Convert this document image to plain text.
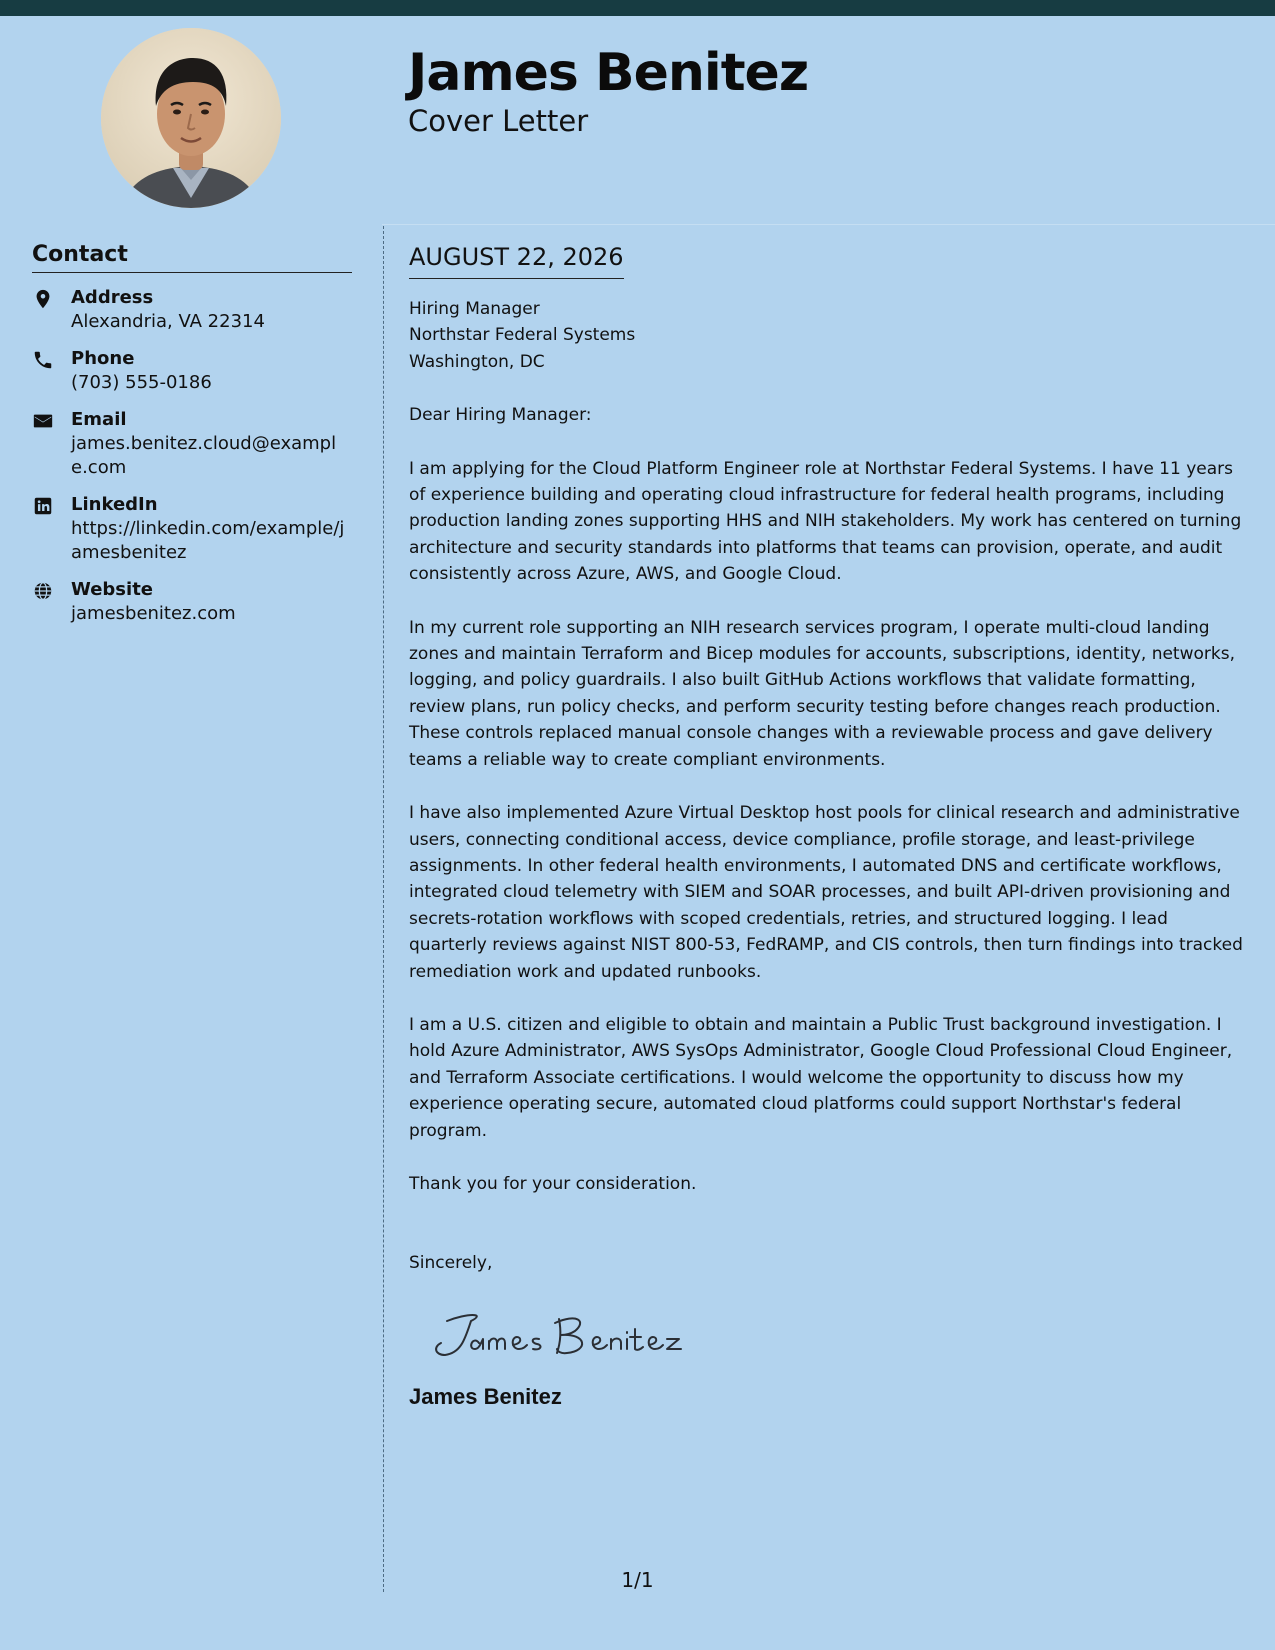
James Benitez
Cover Letter
Contact
Address
Alexandria, VA 22314
Phone
(703) 555-0186
Email
james.benitez.cloud@example.com
LinkedIn
https://linkedin.com/example/jamesbenitez
Website
jamesbenitez.com
AUGUST 22, 2026

Hiring Manager

Northstar Federal Systems

Washington, DC

Dear Hiring Manager:

I am applying for the Cloud Platform Engineer role at Northstar Federal Systems. I have 11 years of experience building and operating cloud infrastructure for federal health programs, including production landing zones supporting HHS and NIH stakeholders. My work has centered on turning architecture and security standards into platforms that teams can provision, operate, and audit consistently across Azure, AWS, and Google Cloud.

In my current role supporting an NIH research services program, I operate multi-cloud landing zones and maintain Terraform and Bicep modules for accounts, subscriptions, identity, networks, logging, and policy guardrails. I also built GitHub Actions workflows that validate formatting, review plans, run policy checks, and perform security testing before changes reach production. These controls replaced manual console changes with a reviewable process and gave delivery teams a reliable way to create compliant environments.

I have also implemented Azure Virtual Desktop host pools for clinical research and administrative users, connecting conditional access, device compliance, profile storage, and least-privilege assignments. In other federal health environments, I automated DNS and certificate workflows, integrated cloud telemetry with SIEM and SOAR processes, and built API-driven provisioning and secrets-rotation workflows with scoped credentials, retries, and structured logging. I lead quarterly reviews against NIST 800-53, FedRAMP, and CIS controls, then turn findings into tracked remediation work and updated runbooks.

I am a U.S. citizen and eligible to obtain and maintain a Public Trust background investigation. I hold Azure Administrator, AWS SysOps Administrator, Google Cloud Professional Cloud Engineer, and Terraform Associate certifications. I would welcome the opportunity to discuss how my experience operating secure, automated cloud platforms could support Northstar's federal program.

Thank you for your consideration.

Sincerely,

James Benitez
1/1
